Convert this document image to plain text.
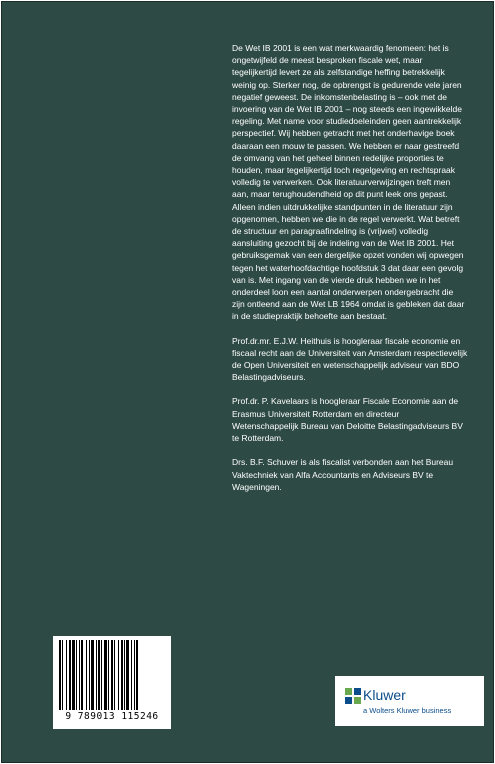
De Wet IB 2001 is een wat merkwaardig fenomeen: het is ongetwijfeld de meest besproken fiscale wet, maar tegelijkertijd levert ze als zelfstandige heffing betrekkelijk weinig op. Sterker nog, de opbrengst is gedurende vele jaren negatief geweest. De inkomstenbelasting is – ook met de invoering van de Wet IB 2001 – nog steeds een ingewikkelde regeling. Met name voor studiedoeleinden geen aantrekkelijk perspectief. Wij hebben getracht met het onderhavige boek daaraan een mouw te passen. We hebben er naar gestreefd de omvang van het geheel binnen redelijke proporties te houden, maar tegelijkertijd toch regelgeving en rechtspraak volledig te verwerken. Ook literatuurverwijzingen treft men aan, maar terughoudendheid op dit punt leek ons gepast. Alleen indien uitdrukkelijke standpunten in de literatuur zijn opgenomen, hebben we die in de regel verwerkt. Wat betreft de structuur en paragraafindeling is (vrijwel) volledig aansluiting gezocht bij de indeling van de Wet IB 2001. Het gebruiksgemak van een dergelijke opzet vonden wij opwegen tegen het waterhoofdachtige hoofdstuk 3 dat daar een gevolg van is. Met ingang van de vierde druk hebben we in het onderdeel loon een aantal onderwerpen ondergebracht die zijn ontleend aan de Wet LB 1964 omdat is gebleken dat daar in de studiepraktijk behoefte aan bestaat.

Prof.dr.mr. E.J.W. Heithuis is hoogleraar fiscale economie en fiscaal recht aan de Universiteit van Amsterdam respectievelijk de Open Universiteit en wetenschappelijk adviseur van BDO Belastingadviseurs.

Prof.dr. P. Kavelaars is hoogleraar Fiscale Economie aan de Erasmus Universiteit Rotterdam en directeur Wetenschappelijk Bureau van Deloitte Belastingadviseurs BV te Rotterdam.

Drs. B.F. Schuver is als fiscalist verbonden aan het Bureau Vaktechniek van Alfa Accountants en Adviseurs BV te Wageningen.

9 789013 115246
Kluwer
a Wolters Kluwer business
